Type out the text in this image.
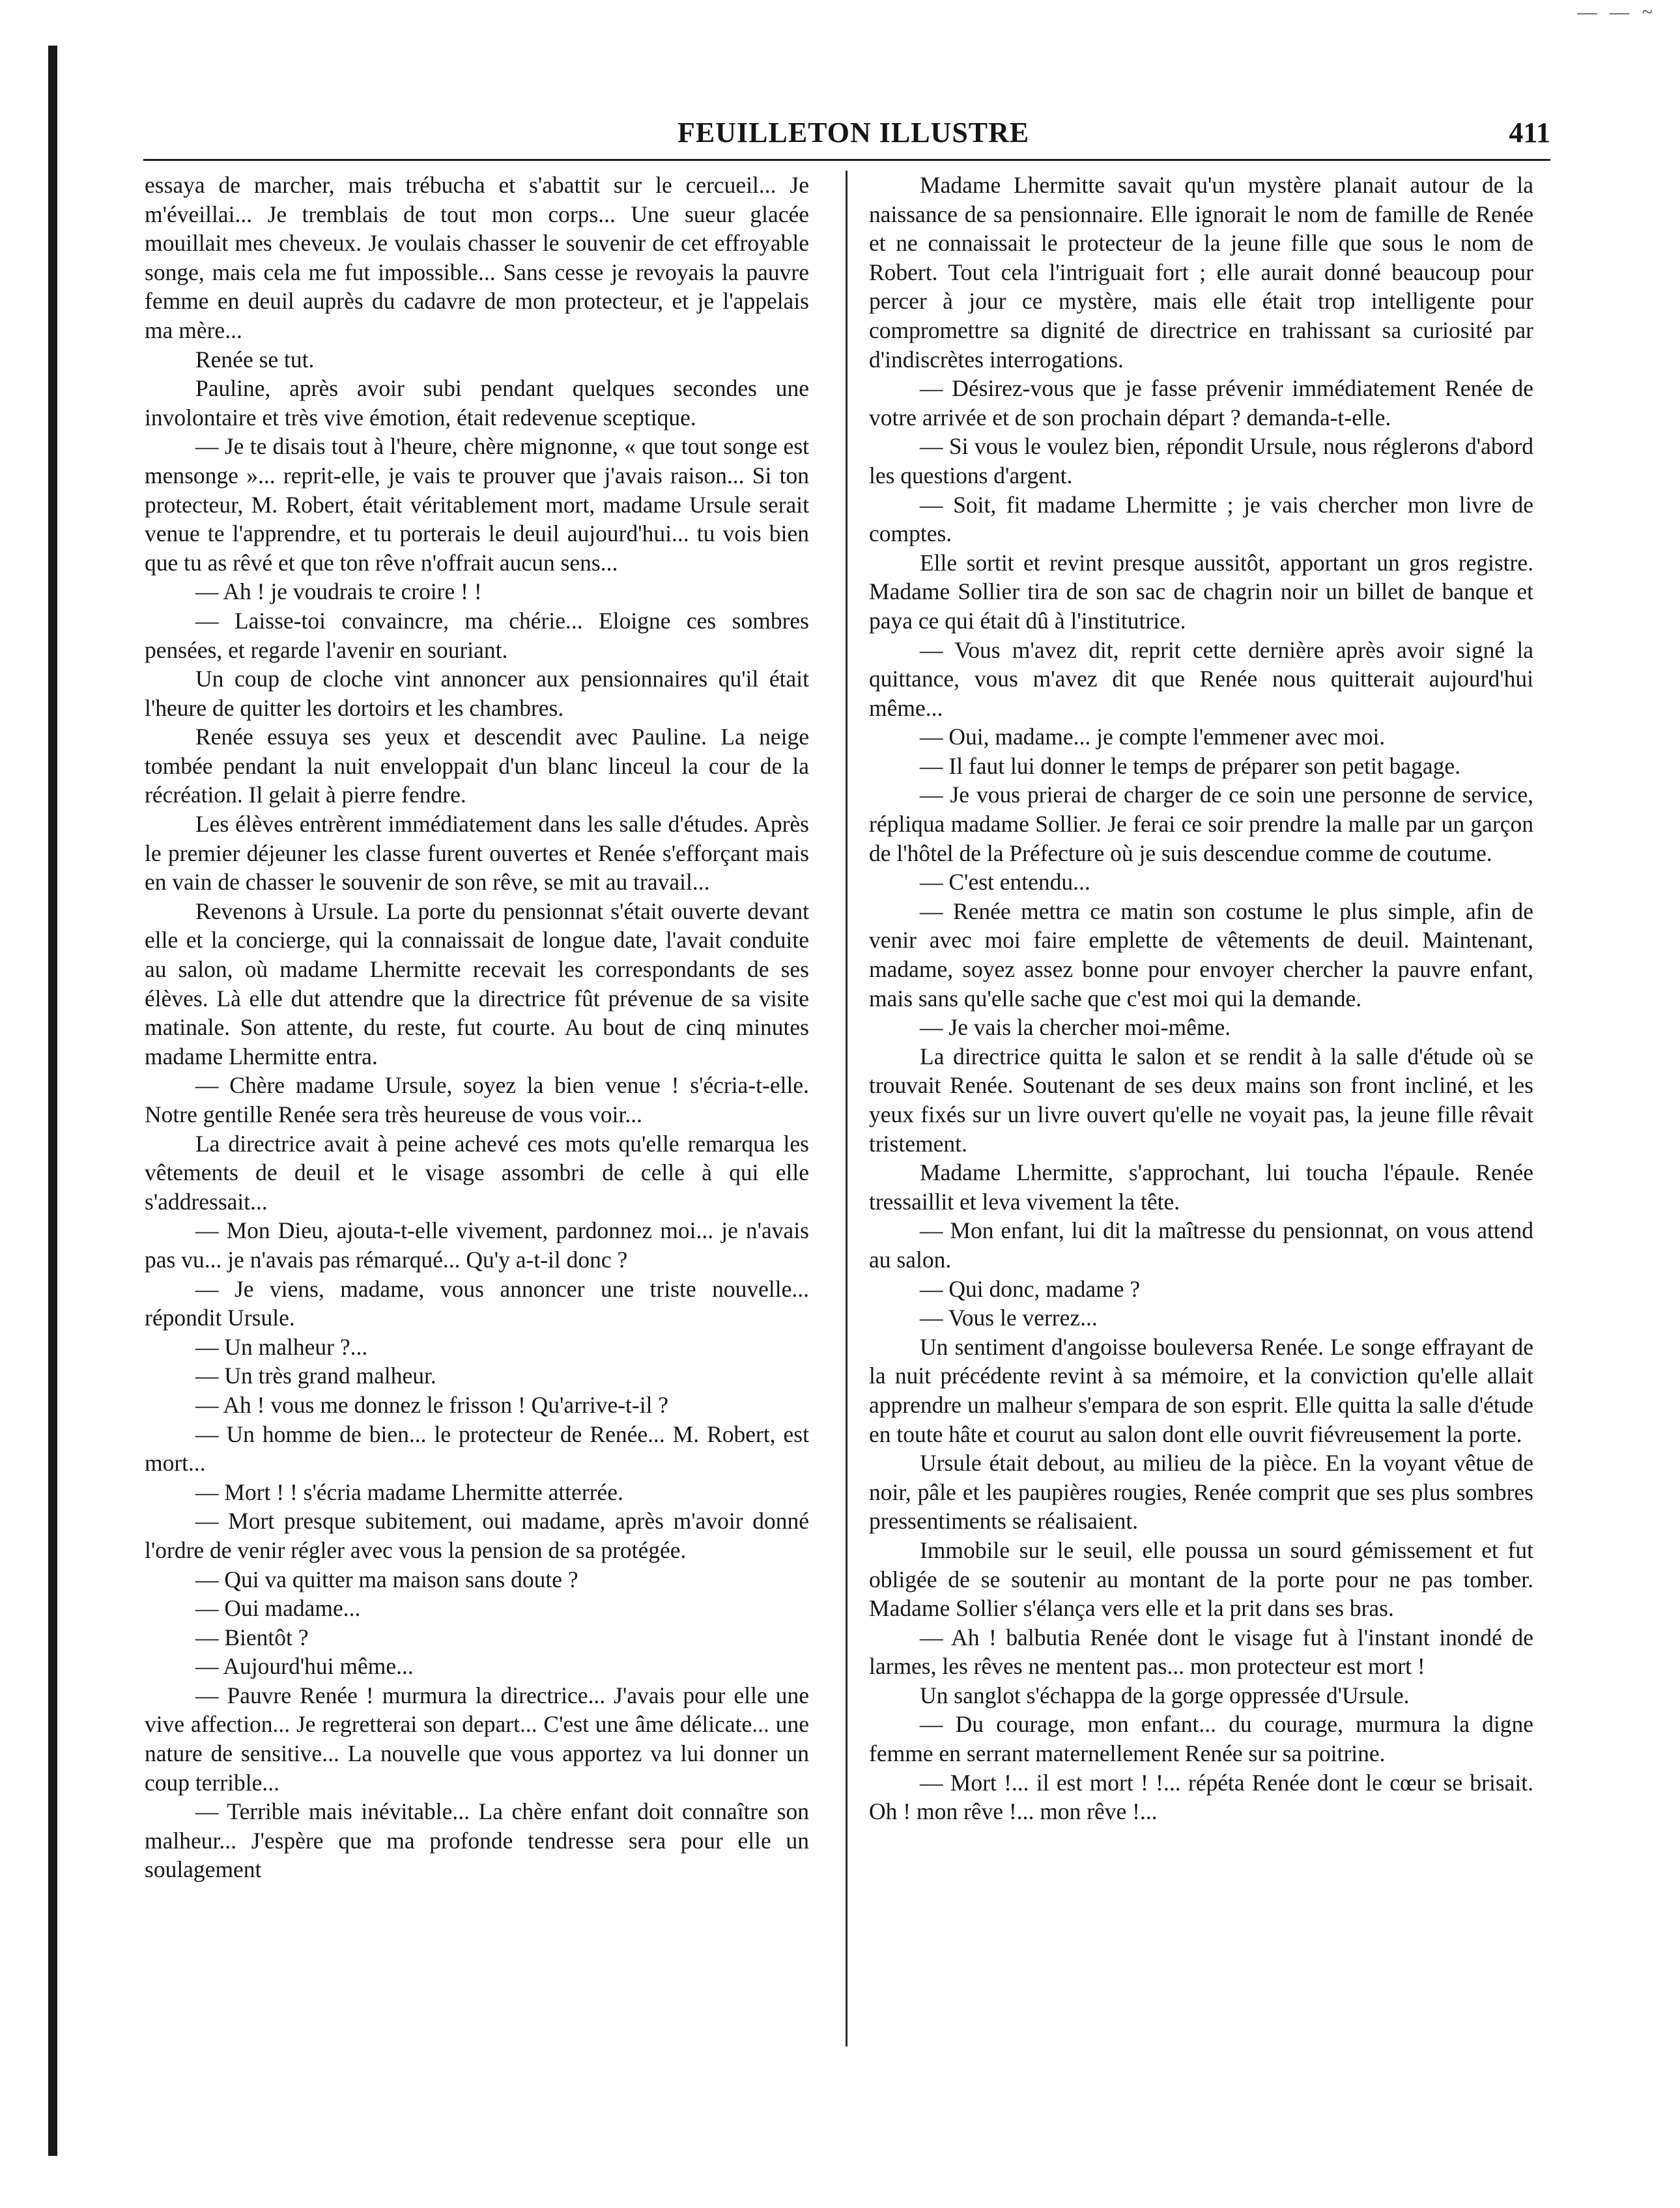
— — ~
FEUILLETON ILLUSTRE	411

essaya de marcher, mais trébucha et s'abattit sur le cercueil... Je m'éveillai... Je tremblais de tout mon corps... Une sueur glacée mouillait mes cheveux. Je voulais chasser le souvenir de cet effroyable songe, mais cela me fut impossible... Sans cesse je revoyais la pauvre femme en deuil auprès du cadavre de mon protecteur, et je l'appelais ma mère...

Renée se tut.

Pauline, après avoir subi pendant quelques secondes une involontaire et très vive émotion, était redevenue sceptique.

— Je te disais tout à l'heure, chère mignonne, « que tout songe est mensonge »... reprit-elle, je vais te prouver que j'avais raison... Si ton protecteur, M. Robert, était véritablement mort, madame Ursule serait venue te l'apprendre, et tu porterais le deuil aujourd'hui... tu vois bien que tu as rêvé et que ton rêve n'offrait aucun sens...

— Ah ! je voudrais te croire ! !

— Laisse-toi convaincre, ma chérie... Eloigne ces sombres pensées, et regarde l'avenir en souriant.

Un coup de cloche vint annoncer aux pensionnaires qu'il était l'heure de quitter les dortoirs et les chambres.

Renée essuya ses yeux et descendit avec Pauline. La neige tombée pendant la nuit enveloppait d'un blanc linceul la cour de la récréation. Il gelait à pierre fendre.

Les élèves entrèrent immédiatement dans les salle d'études. Après le premier déjeuner les classe furent ouvertes et Renée s'efforçant mais en vain de chasser le souvenir de son rêve, se mit au travail...

Revenons à Ursule. La porte du pensionnat s'était ouverte devant elle et la concierge, qui la connaissait de longue date, l'avait conduite au salon, où madame Lhermitte recevait les correspondants de ses élèves. Là elle dut attendre que la directrice fût prévenue de sa visite matinale. Son attente, du reste, fut courte. Au bout de cinq minutes madame Lhermitte entra.

— Chère madame Ursule, soyez la bien venue ! s'écria-t-elle. Notre gentille Renée sera très heureuse de vous voir...

La directrice avait à peine achevé ces mots qu'elle remarqua les vêtements de deuil et le visage assombri de celle à qui elle s'addressait...

— Mon Dieu, ajouta-t-elle vivement, pardonnez moi... je n'avais pas vu... je n'avais pas rémarqué... Qu'y a-t-il donc ?

— Je viens, madame, vous annoncer une triste nouvelle... répondit Ursule.

— Un malheur ?...

— Un très grand malheur.

— Ah ! vous me donnez le frisson ! Qu'arrive-t-il ?

— Un homme de bien... le protecteur de Renée... M. Robert, est mort...

— Mort ! ! s'écria madame Lhermitte atterrée.

— Mort presque subitement, oui madame, après m'avoir donné l'ordre de venir régler avec vous la pension de sa protégée.

— Qui va quitter ma maison sans doute ?

— Oui madame...

— Bientôt ?

— Aujourd'hui même...

— Pauvre Renée ! murmura la directrice... J'avais pour elle une vive affection... Je regretterai son depart... C'est une âme délicate... une nature de sensitive... La nouvelle que vous apportez va lui donner un coup terrible...

— Terrible mais inévitable... La chère enfant doit connaître son malheur... J'espère que ma profonde tendresse sera pour elle un soulagement

Madame Lhermitte savait qu'un mystère planait autour de la naissance de sa pensionnaire. Elle ignorait le nom de famille de Renée et ne connaissait le protecteur de la jeune fille que sous le nom de Robert. Tout cela l'intriguait fort ; elle aurait donné beaucoup pour percer à jour ce mystère, mais elle était trop intelligente pour compromettre sa dignité de directrice en trahissant sa curiosité par d'indiscrètes interrogations.

— Désirez-vous que je fasse prévenir immédiatement Renée de votre arrivée et de son prochain départ ? demanda-t-elle.

— Si vous le voulez bien, répondit Ursule, nous réglerons d'abord les questions d'argent.

— Soit, fit madame Lhermitte ; je vais chercher mon livre de comptes.

Elle sortit et revint presque aussitôt, apportant un gros registre. Madame Sollier tira de son sac de chagrin noir un billet de banque et paya ce qui était dû à l'institutrice.

— Vous m'avez dit, reprit cette dernière après avoir signé la quittance, vous m'avez dit que Renée nous quitterait aujourd'hui même...

— Oui, madame... je compte l'emmener avec moi.

— Il faut lui donner le temps de préparer son petit bagage.

— Je vous prierai de charger de ce soin une personne de service, répliqua madame Sollier. Je ferai ce soir prendre la malle par un garçon de l'hôtel de la Préfecture où je suis descendue comme de coutume.

— C'est entendu...

— Renée mettra ce matin son costume le plus simple, afin de venir avec moi faire emplette de vêtements de deuil. Maintenant, madame, soyez assez bonne pour envoyer chercher la pauvre enfant, mais sans qu'elle sache que c'est moi qui la demande.

— Je vais la chercher moi-même.

La directrice quitta le salon et se rendit à la salle d'étude où se trouvait Renée. Soutenant de ses deux mains son front incliné, et les yeux fixés sur un livre ouvert qu'elle ne voyait pas, la jeune fille rêvait tristement.

Madame Lhermitte, s'approchant, lui toucha l'épaule. Renée tressaillit et leva vivement la tête.

— Mon enfant, lui dit la maîtresse du pensionnat, on vous attend au salon.

— Qui donc, madame ?

— Vous le verrez...

Un sentiment d'angoisse bouleversa Renée. Le songe effrayant de la nuit précédente revint à sa mémoire, et la conviction qu'elle allait apprendre un malheur s'empara de son esprit. Elle quitta la salle d'étude en toute hâte et courut au salon dont elle ouvrit fiévreusement la porte.

Ursule était debout, au milieu de la pièce. En la voyant vêtue de noir, pâle et les paupières rougies, Renée comprit que ses plus sombres pressentiments se réalisaient.

Immobile sur le seuil, elle poussa un sourd gémissement et fut obligée de se soutenir au montant de la porte pour ne pas tomber. Madame Sollier s'élança vers elle et la prit dans ses bras.

— Ah ! balbutia Renée dont le visage fut à l'instant inondé de larmes, les rêves ne mentent pas... mon protecteur est mort !

Un sanglot s'échappa de la gorge oppressée d'Ursule.

— Du courage, mon enfant... du courage, murmura la digne femme en serrant maternellement Renée sur sa poitrine.

— Mort !... il est mort ! !... répéta Renée dont le cœur se brisait. Oh ! mon rêve !... mon rêve !...
